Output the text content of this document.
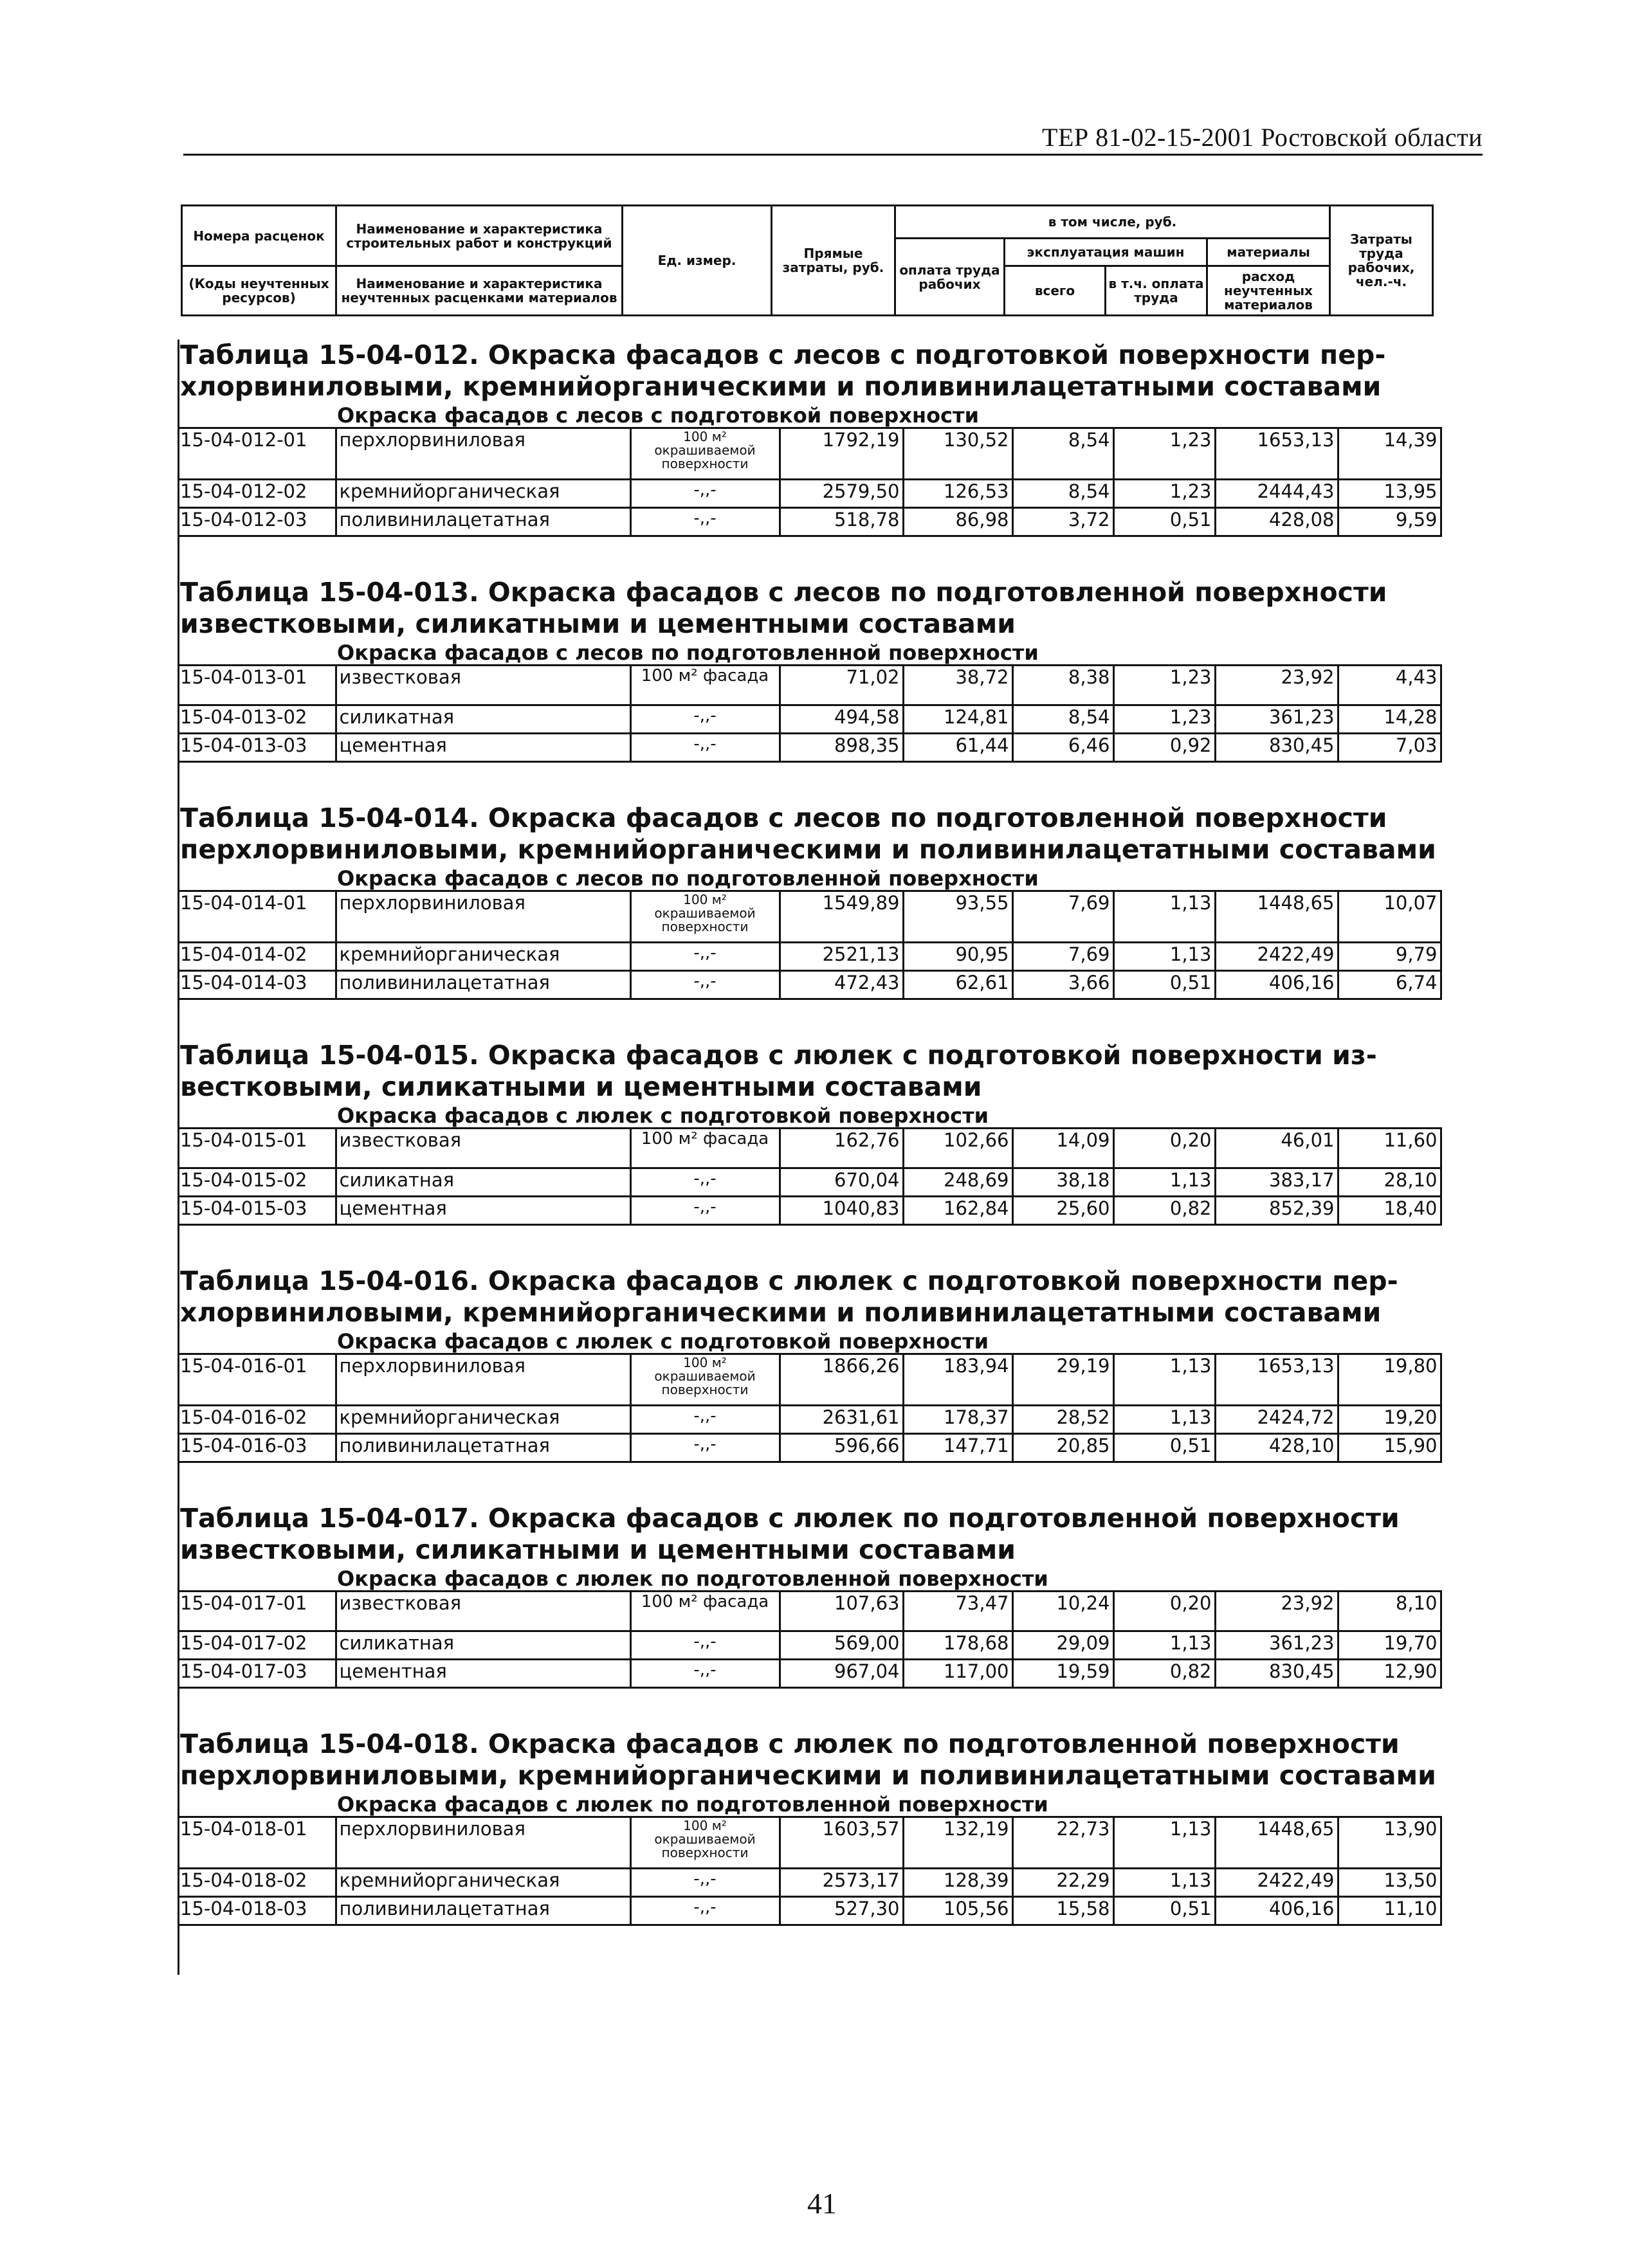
ТЕР 81-02-15-2001 Ростовской области
Номера расценок	Наименование и характеристика строительных работ и конструкций	Ед. измер.	Прямые затраты, руб.	в том числе, руб.				Затраты труда рабочих, чел.-ч.
				оплата труда рабочих	эксплуатация машин		материалы	
(Коды неучтенных ресурсов)	Наименование и характеристика неучтенных расценками материалов				всего	в т.ч. оплата труда	расход неучтенных материалов	

Таблица 15-04-012. Окраска фасадов с лесов с подготовкой поверхности пер-
хлорвиниловыми, кремнийорганическими и поливинилацетатными составами
Окраска фасадов с лесов с подготовкой поверхности
15-04-012-01	перхлорвиниловая	100 м² окрашиваемой поверхности	1792,19	130,52	8,54	1,23	1653,13	14,39
15-04-012-02	кремнийорганическая	-,,-	2579,50	126,53	8,54	1,23	2444,43	13,95
15-04-012-03	поливинилацетатная	-,,-	518,78	86,98	3,72	0,51	428,08	9,59
Таблица 15-04-013. Окраска фасадов с лесов по подготовленной поверхности
известковыми, силикатными и цементными составами
Окраска фасадов с лесов по подготовленной поверхности
15-04-013-01	известковая	100 м² фасада	71,02	38,72	8,38	1,23	23,92	4,43
15-04-013-02	силикатная	-,,-	494,58	124,81	8,54	1,23	361,23	14,28
15-04-013-03	цементная	-,,-	898,35	61,44	6,46	0,92	830,45	7,03
Таблица 15-04-014. Окраска фасадов с лесов по подготовленной поверхности
перхлорвиниловыми, кремнийорганическими и поливинилацетатными составами
Окраска фасадов с лесов по подготовленной поверхности
15-04-014-01	перхлорвиниловая	100 м² окрашиваемой поверхности	1549,89	93,55	7,69	1,13	1448,65	10,07
15-04-014-02	кремнийорганическая	-,,-	2521,13	90,95	7,69	1,13	2422,49	9,79
15-04-014-03	поливинилацетатная	-,,-	472,43	62,61	3,66	0,51	406,16	6,74
Таблица 15-04-015. Окраска фасадов с люлек с подготовкой поверхности из-
вестковыми, силикатными и цементными составами
Окраска фасадов с люлек с подготовкой поверхности
15-04-015-01	известковая	100 м² фасада	162,76	102,66	14,09	0,20	46,01	11,60
15-04-015-02	силикатная	-,,-	670,04	248,69	38,18	1,13	383,17	28,10
15-04-015-03	цементная	-,,-	1040,83	162,84	25,60	0,82	852,39	18,40
Таблица 15-04-016. Окраска фасадов с люлек с подготовкой поверхности пер-
хлорвиниловыми, кремнийорганическими и поливинилацетатными составами
Окраска фасадов с люлек с подготовкой поверхности
15-04-016-01	перхлорвиниловая	100 м² окрашиваемой поверхности	1866,26	183,94	29,19	1,13	1653,13	19,80
15-04-016-02	кремнийорганическая	-,,-	2631,61	178,37	28,52	1,13	2424,72	19,20
15-04-016-03	поливинилацетатная	-,,-	596,66	147,71	20,85	0,51	428,10	15,90
Таблица 15-04-017. Окраска фасадов с люлек по подготовленной поверхности
известковыми, силикатными и цементными составами
Окраска фасадов с люлек по подготовленной поверхности
15-04-017-01	известковая	100 м² фасада	107,63	73,47	10,24	0,20	23,92	8,10
15-04-017-02	силикатная	-,,-	569,00	178,68	29,09	1,13	361,23	19,70
15-04-017-03	цементная	-,,-	967,04	117,00	19,59	0,82	830,45	12,90
Таблица 15-04-018. Окраска фасадов с люлек по подготовленной поверхности
перхлорвиниловыми, кремнийорганическими и поливинилацетатными составами
Окраска фасадов с люлек по подготовленной поверхности
15-04-018-01	перхлорвиниловая	100 м² окрашиваемой поверхности	1603,57	132,19	22,73	1,13	1448,65	13,90
15-04-018-02	кремнийорганическая	-,,-	2573,17	128,39	22,29	1,13	2422,49	13,50
15-04-018-03	поливинилацетатная	-,,-	527,30	105,56	15,58	0,51	406,16	11,10
41
